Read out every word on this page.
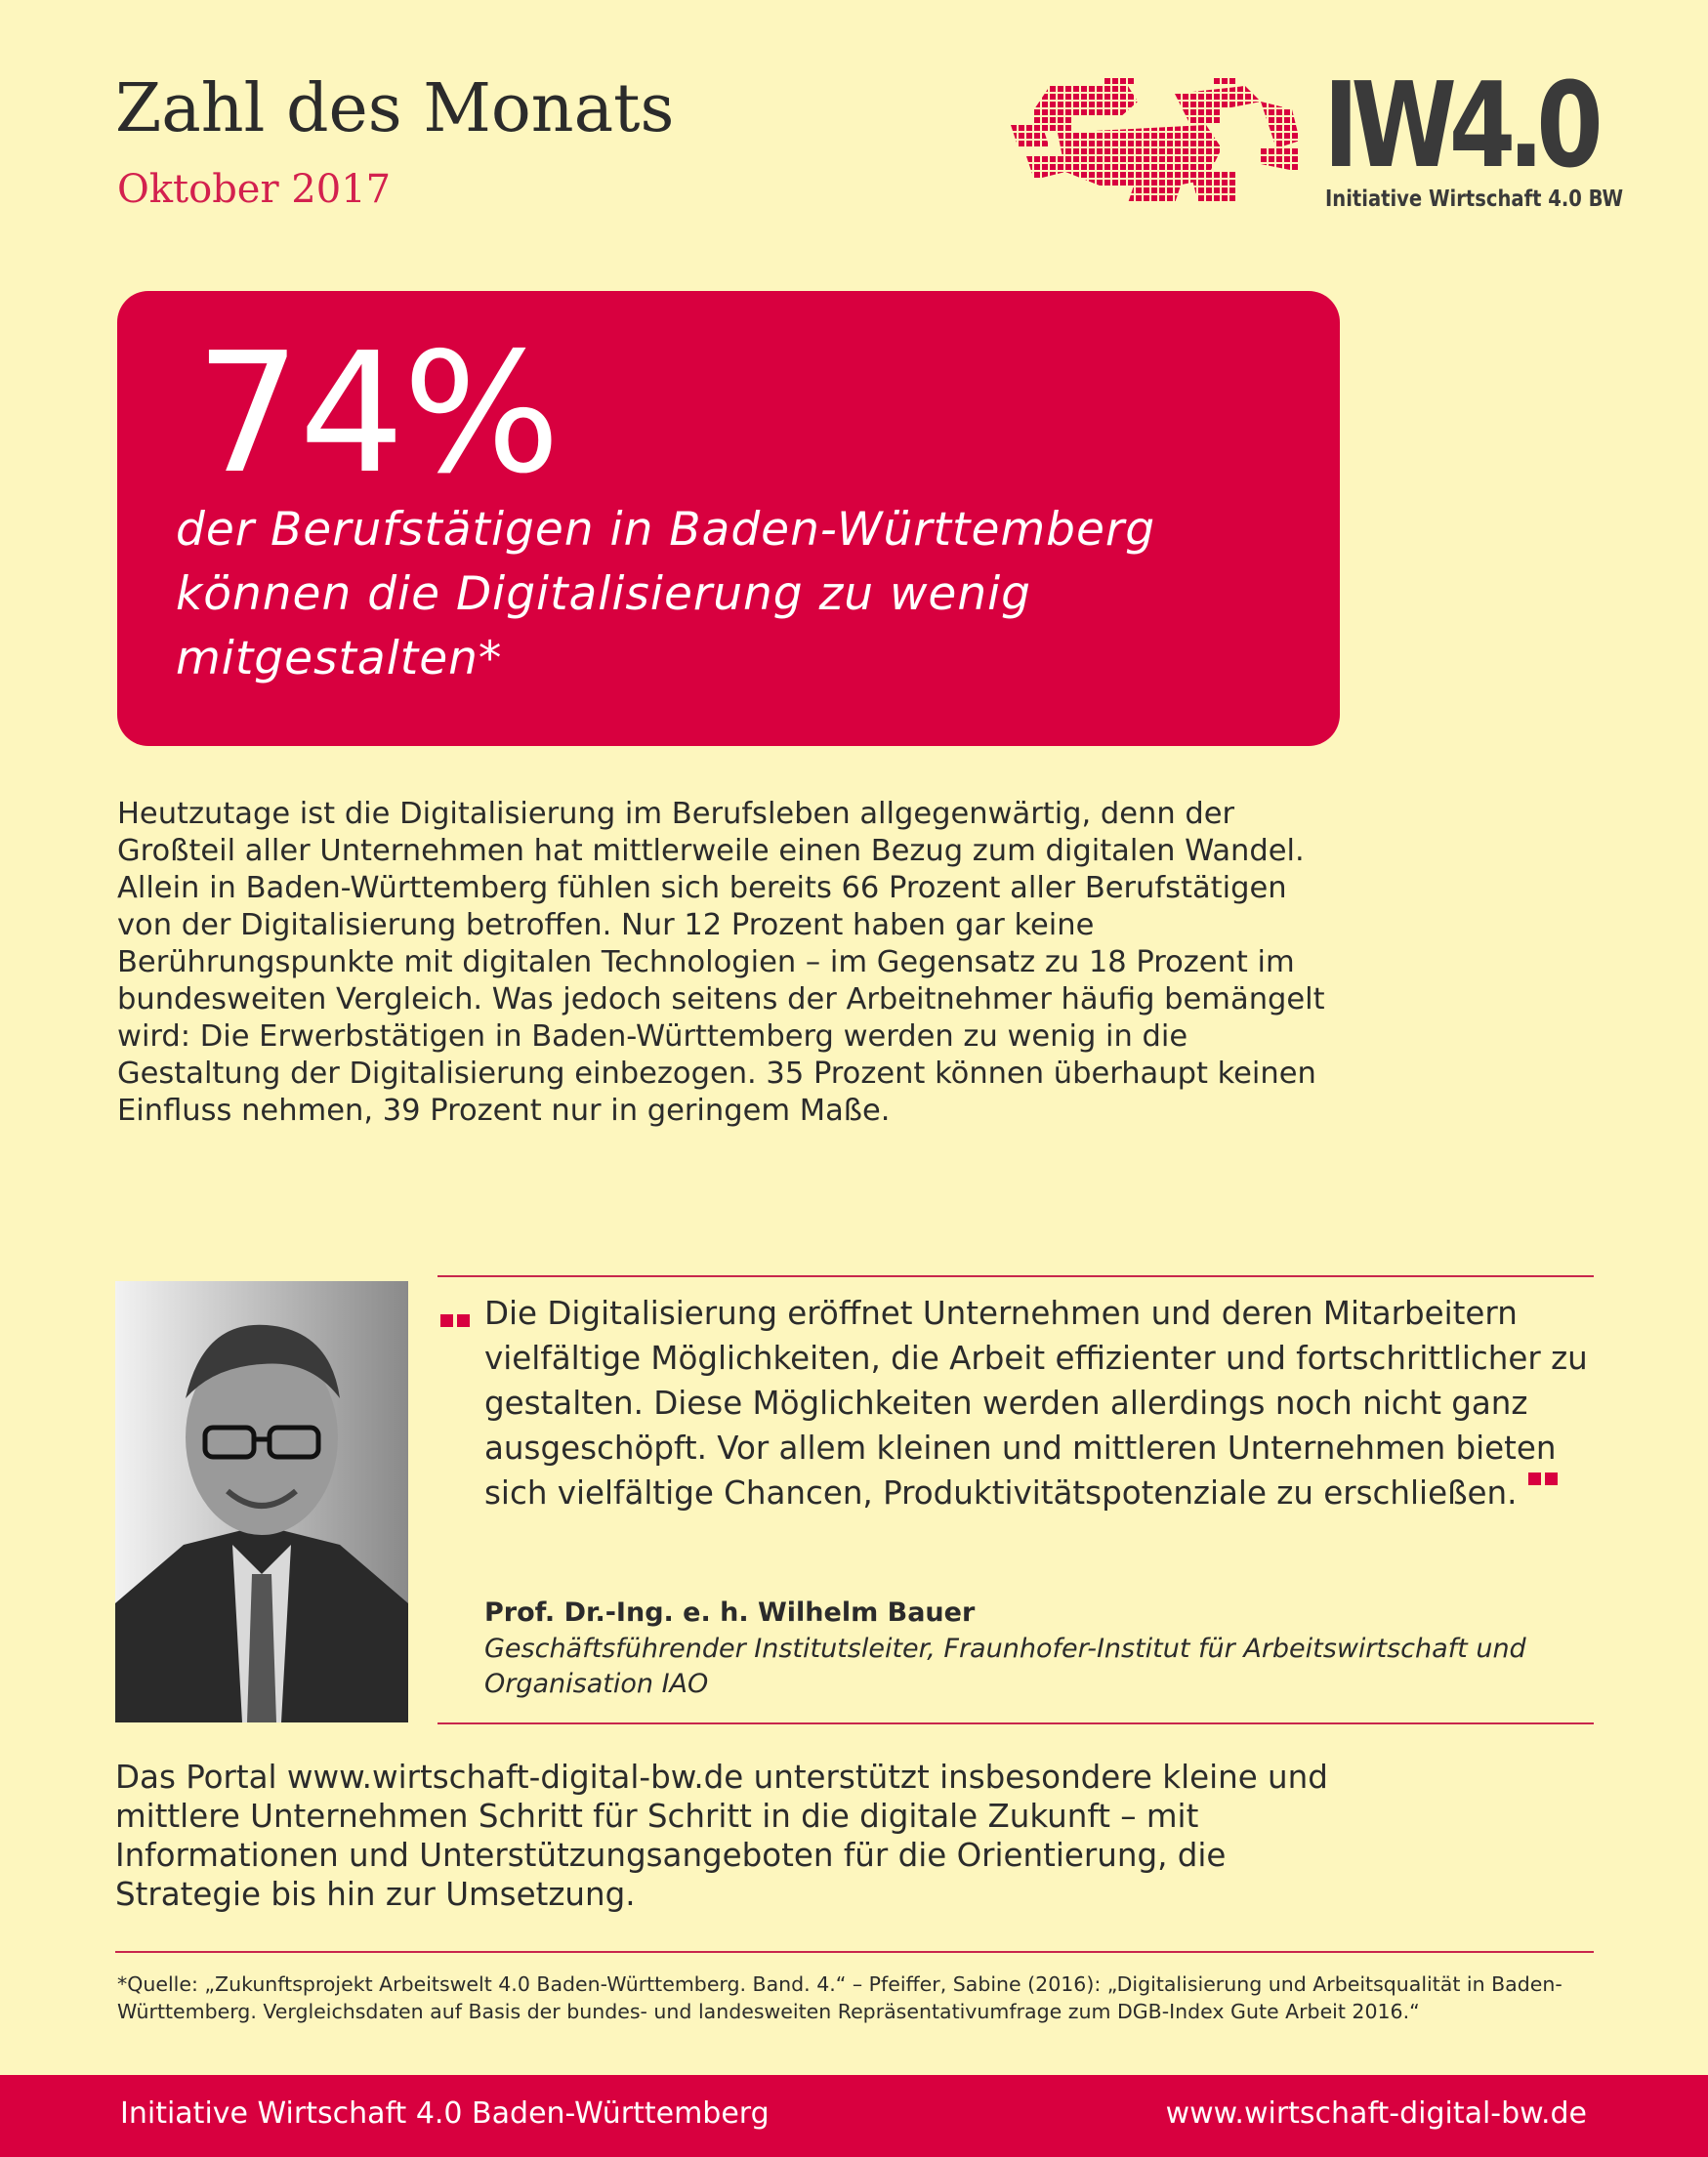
Zahl des Monats
Oktober 2017	IW4.0
Initiative Wirtschaft 4.0 BW
74%

der Berufstätigen in Baden-Württemberg können die Digitalisierung zu wenig mitgestalten*

Heutzutage ist die Digitalisierung im Berufsleben allgegenwärtig, denn der Großteil aller Unternehmen hat mittlerweile einen Bezug zum digitalen Wandel. Allein in Baden-Württemberg fühlen sich bereits 66 Prozent aller Berufstätigen von der Digitalisierung betroffen. Nur 12 Prozent haben gar keine Berührungspunkte mit digitalen Technologien – im Gegensatz zu 18 Prozent im bundesweiten Vergleich. Was jedoch seitens der Arbeitnehmer häufig bemängelt wird: Die Erwerbstätigen in Baden-Württemberg werden zu wenig in die Gestaltung der Digitalisierung einbezogen. 35 Prozent können überhaupt keinen Einfluss nehmen, 39 Prozent nur in geringem Maße.

Die Digitalisierung eröffnet Unternehmen und deren Mitarbeitern vielfältige Möglichkeiten, die Arbeit effizienter und fortschrittlicher zu gestalten. Diese Möglichkeiten werden allerdings noch nicht ganz ausgeschöpft. Vor allem kleinen und mittleren Unternehmen bieten sich vielfältige Chancen, Produktivitätspotenziale zu erschließen.

Prof. Dr.-Ing. e. h. Wilhelm Bauer

Geschäftsführender Institutsleiter, Fraunhofer-Institut für Arbeitswirtschaft und Organisation IAO

Das Portal www.wirtschaft-digital-bw.de unterstützt insbesondere kleine und mittlere Unternehmen Schritt für Schritt in die digitale Zukunft – mit Informationen und Unterstützungsangeboten für die Orientierung, die Strategie bis hin zur Umsetzung.

*Quelle: „Zukunftsprojekt Arbeitswelt 4.0 Baden-Württemberg. Band. 4.“ – Pfeiffer, Sabine (2016): „Digitalisierung und Arbeitsqualität in Baden-Württemberg. Vergleichsdaten auf Basis der bundes- und landesweiten Repräsentativumfrage zum DGB-Index Gute Arbeit 2016.“

Initiative Wirtschaft 4.0 Baden-Württemberg	www.wirtschaft-digital-bw.de
